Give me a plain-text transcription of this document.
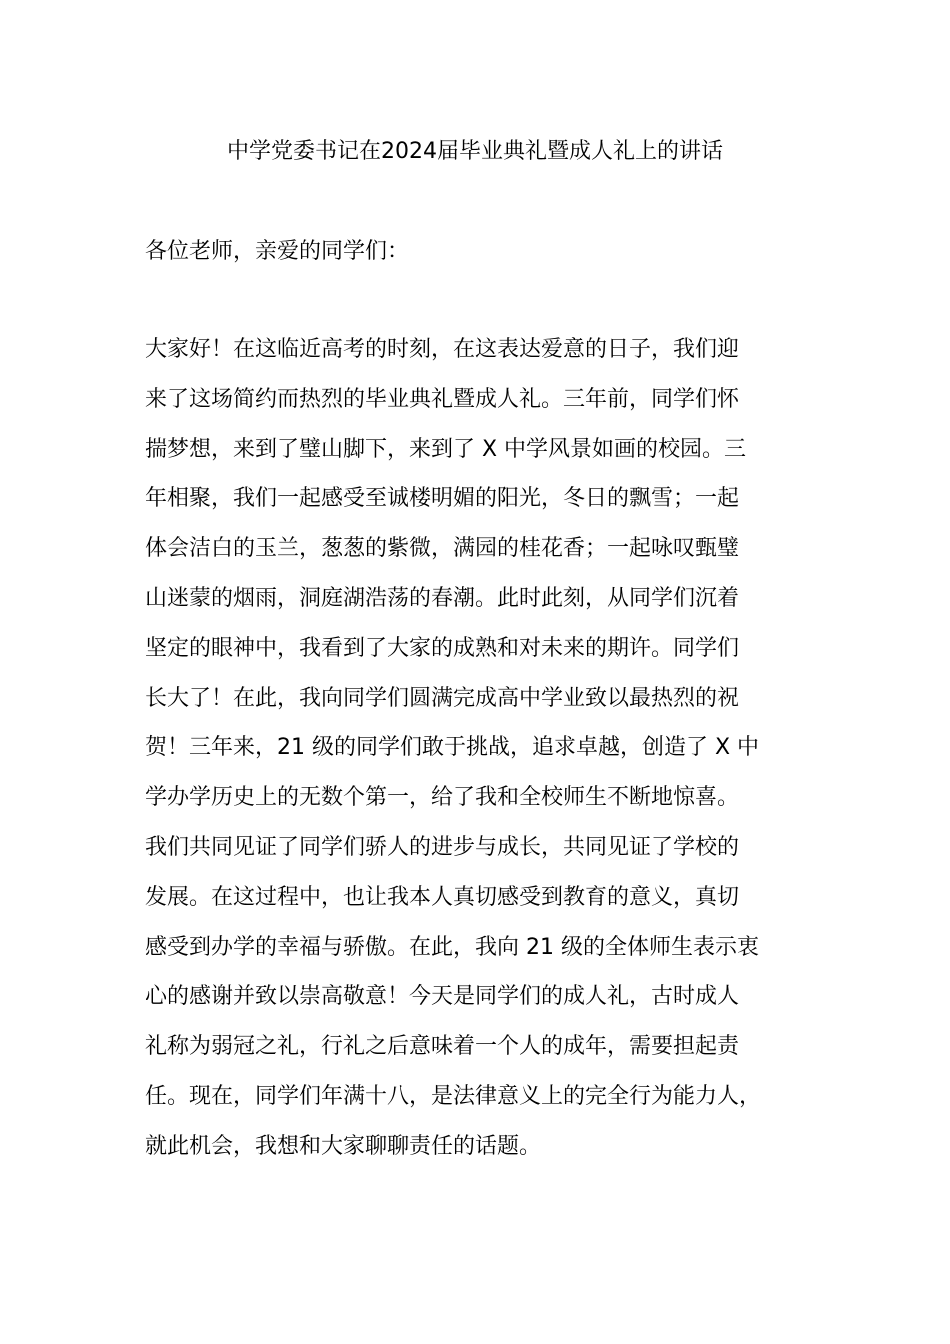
中学党委书记在2024届毕业典礼暨成人礼上的讲话
各位老师，亲爱的同学们：
大家好！在这临近高考的时刻，在这表达爱意的日子，我们迎
来了这场简约而热烈的毕业典礼暨成人礼。三年前，同学们怀
揣梦想，来到了璧山脚下，来到了 X 中学风景如画的校园。三
年相聚，我们一起感受至诚楼明媚的阳光，冬日的飘雪；一起
体会洁白的玉兰，葱葱的紫微，满园的桂花香；一起咏叹甄璧
山迷蒙的烟雨，洞庭湖浩荡的春潮。此时此刻，从同学们沉着
坚定的眼神中，我看到了大家的成熟和对未来的期许。同学们
长大了！在此，我向同学们圆满完成高中学业致以最热烈的祝
贺！三年来，21 级的同学们敢于挑战，追求卓越，创造了 X 中
学办学历史上的无数个第一，给了我和全校师生不断地惊喜。
我们共同见证了同学们骄人的进步与成长，共同见证了学校的
发展。在这过程中，也让我本人真切感受到教育的意义，真切
感受到办学的幸福与骄傲。在此，我向 21 级的全体师生表示衷
心的感谢并致以崇高敬意！今天是同学们的成人礼，古时成人
礼称为弱冠之礼，行礼之后意味着一个人的成年，需要担起责
任。现在，同学们年满十八，是法律意义上的完全行为能力人，
就此机会，我想和大家聊聊责任的话题。
